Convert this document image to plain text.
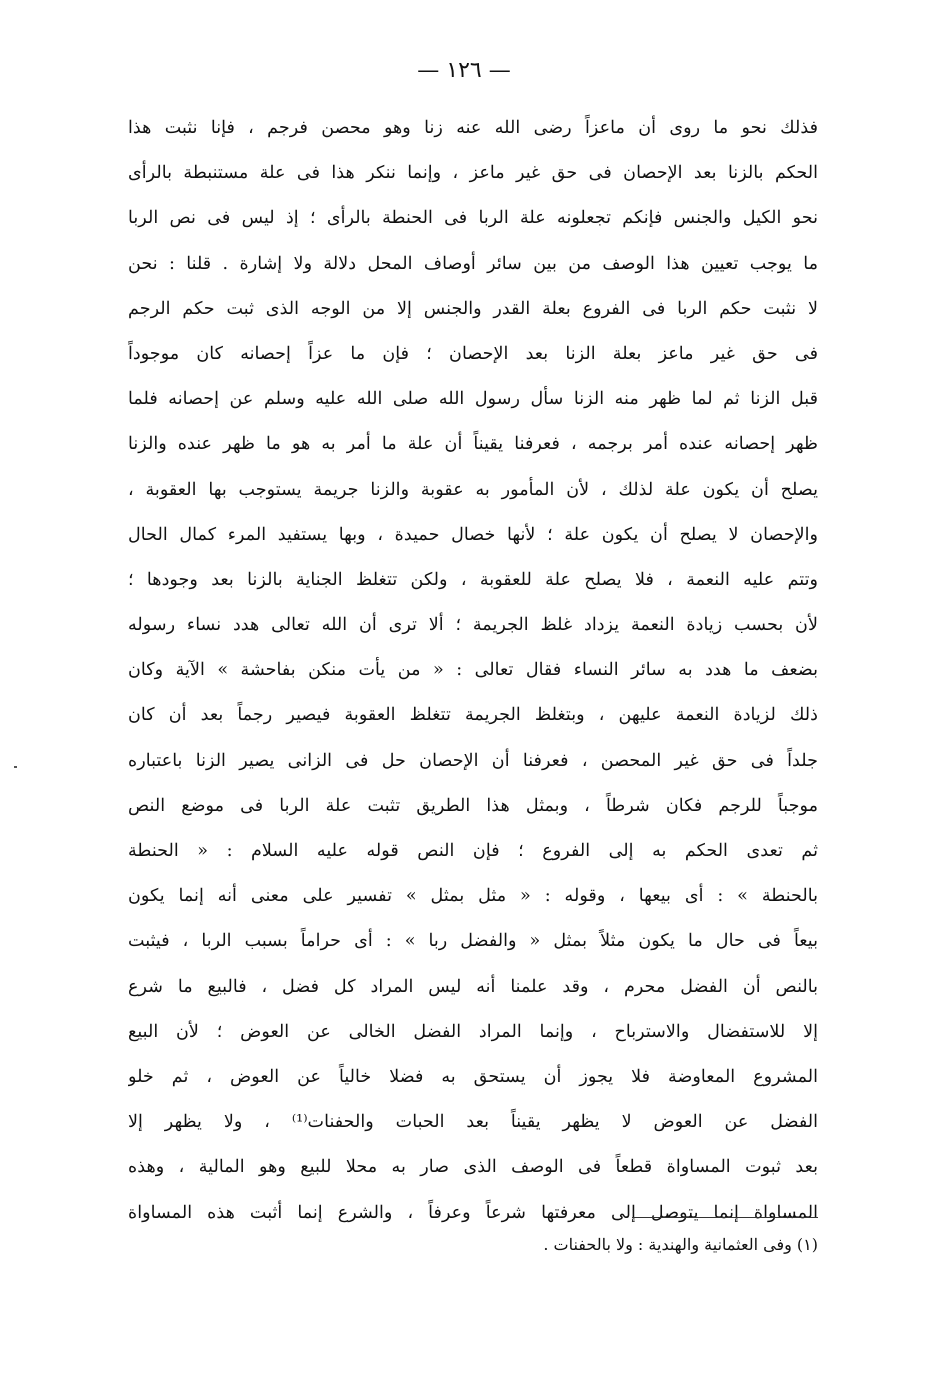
— ١٢٦ —
فذلك نحو ما روى أن ماعزاً رضى الله عنه زنا وهو محصن فرجم ، فإنا نثبت هذا
الحكم بالزنا بعد الإحصان فى حق غير ماعز ، وإنما ننكر هذا فى علة مستنبطة بالرأى
نحو الكيل والجنس فإنكم تجعلونه علة الربا فى الحنطة بالرأى ؛ إذ ليس فى نص الربا
ما يوجب تعيين هذا الوصف من بين سائر أوصاف المحل دلالة ولا إشارة . قلنا : نحن
لا نثبت حكم الربا فى الفروع بعلة القدر والجنس إلا من الوجه الذى ثبت حكم الرجم
فى حق غير ماعز بعلة الزنا بعد الإحصان ؛ فإن ما عزاً إحصانه كان موجوداً
قبل الزنا ثم لما ظهر منه الزنا سأل رسول الله صلى الله عليه وسلم عن إحصانه فلما
ظهر إحصانه عنده أمر برجمه ، فعرفنا يقيناً أن علة ما أمر به هو ما ظهر عنده والزنا
يصلح أن يكون علة لذلك ، لأن المأمور به عقوبة والزنا جريمة يستوجب بها العقوبة ،
والإحصان لا يصلح أن يكون علة ؛ لأنها خصال حميدة ، وبها يستفيد المرء كمال الحال
وتتم عليه النعمة ، فلا يصلح علة للعقوبة ، ولكن تتغلظ الجناية بالزنا بعد وجودها ؛
لأن بحسب زيادة النعمة يزداد غلظ الجريمة ؛ ألا ترى أن الله تعالى هدد نساء رسوله
بضعف ما هدد به سائر النساء فقال تعالى : « من يأت منكن بفاحشة » الآية وكان
ذلك لزيادة النعمة عليهن ، وبتغلظ الجريمة تتغلظ العقوبة فيصير رجماً بعد أن كان
جلداً فى حق غير المحصن ، فعرفنا أن الإحصان حل فى الزانى يصير الزنا باعتباره
موجباً للرجم فكان شرطاً ، وبمثل هذا الطريق تثبت علة الربا فى موضع النص
ثم تعدى الحكم به إلى الفروع ؛ فإن النص قوله عليه السلام : « الحنطة
بالحنطة » : أى بيعها ، وقوله : « مثل بمثل » تفسير على معنى أنه إنما يكون
بيعاً فى حال ما يكون مثلاً بمثل « والفضل ربا » : أى حراماً بسبب الربا ، فيثبت
بالنص أن الفضل محرم ، وقد علمنا أنه ليس المراد كل فضل ، فالبيع ما شرع
إلا للاستفضال والاسترباح ، وإنما المراد الفضل الخالى عن العوض ؛ لأن البيع
المشروع المعاوضة فلا يجوز أن يستحق به فضلا خالياً عن العوض ، ثم خلو
الفضل عن العوض لا يظهر يقيناً بعد الحبات والحفنات⁽¹⁾ ، ولا يظهر إلا
بعد ثبوت المساواة قطعاً فى الوصف الذى صار به محلا للبيع وهو المالية ، وهذه
المساواة إنما يتوصل إلى معرفتها شرعاً وعرفاً ، والشرع إنما أثبت هذه المساواة
(١) وفى العثمانية والهندية : ولا بالحفنات .
